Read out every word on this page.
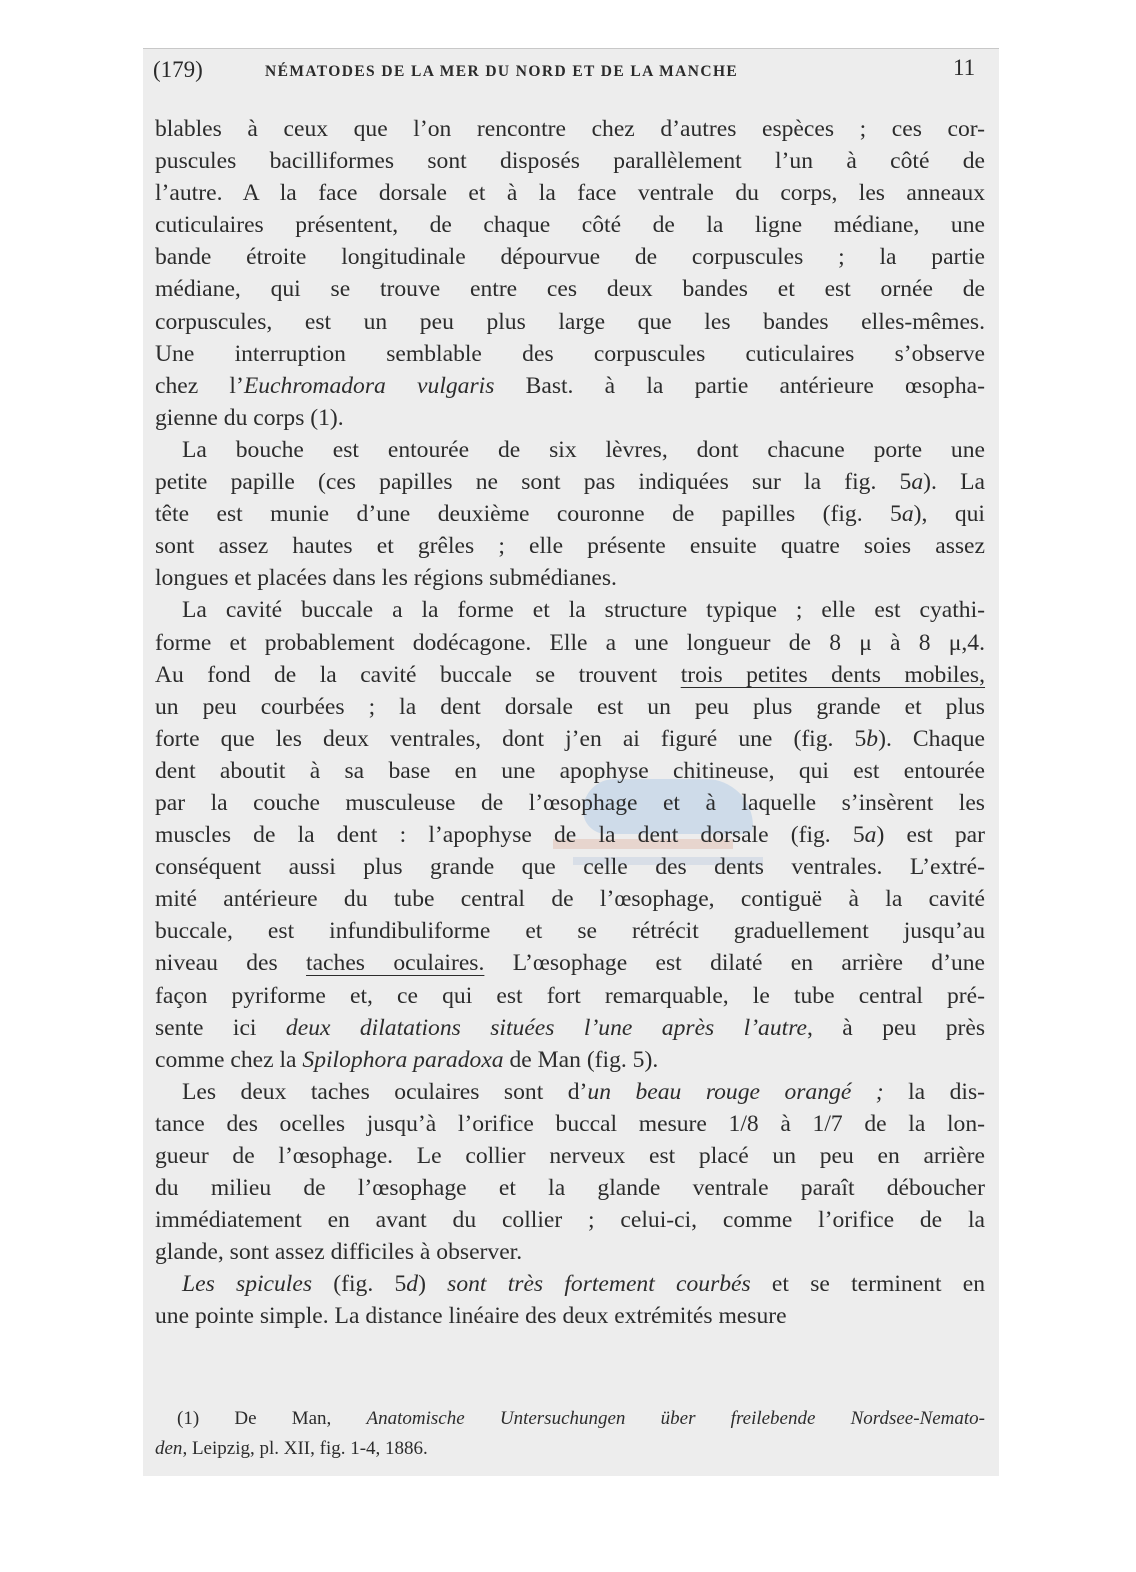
(179)	NÉMATODES DE LA MER DU NORD ET DE LA MANCHE	11
blables à ceux que l’on rencontre chez d’autres espèces ; ces cor-
puscules bacilliformes sont disposés parallèlement l’un à côté de
l’autre. A la face dorsale et à la face ventrale du corps, les anneaux
cuticulaires présentent, de chaque côté de la ligne médiane, une
bande étroite longitudinale dépourvue de corpuscules ; la partie
médiane, qui se trouve entre ces deux bandes et est ornée de
corpuscules, est un peu plus large que les bandes elles-mêmes.
Une interruption semblable des corpuscules cuticulaires s’observe
chez l’Euchromadora vulgaris Bast. à la partie antérieure œsopha-
gienne du corps (1).
La bouche est entourée de six lèvres, dont chacune porte une
petite papille (ces papilles ne sont pas indiquées sur la fig. 5a). La
tête est munie d’une deuxième couronne de papilles (fig. 5a), qui
sont assez hautes et grêles ; elle présente ensuite quatre soies assez
longues et placées dans les régions submédianes.
La cavité buccale a la forme et la structure typique ; elle est cyathi-
forme et probablement dodécagone. Elle a une longueur de 8 μ à 8 μ,4.
Au fond de la cavité buccale se trouvent trois petites dents mobiles,
un peu courbées ; la dent dorsale est un peu plus grande et plus
forte que les deux ventrales, dont j’en ai figuré une (fig. 5b). Chaque
dent aboutit à sa base en une apophyse chitineuse, qui est entourée
par la couche musculeuse de l’œsophage et à laquelle s’insèrent les
muscles de la dent : l’apophyse de la dent dorsale (fig. 5a) est par
conséquent aussi plus grande que celle des dents ventrales. L’extré-
mité antérieure du tube central de l’œsophage, contiguë à la cavité
buccale, est infundibuliforme et se rétrécit graduellement jusqu’au
niveau des taches oculaires. L’œsophage est dilaté en arrière d’une
façon pyriforme et, ce qui est fort remarquable, le tube central pré-
sente ici deux dilatations situées l’une après l’autre, à peu près
comme chez la Spilophora paradoxa de Man (fig. 5).
Les deux taches oculaires sont d’un beau rouge orangé ; la dis-
tance des ocelles jusqu’à l’orifice buccal mesure 1/8 à 1/7 de la lon-
gueur de l’œsophage. Le collier nerveux est placé un peu en arrière
du milieu de l’œsophage et la glande ventrale paraît déboucher
immédiatement en avant du collier ; celui-ci, comme l’orifice de la
glande, sont assez difficiles à observer.
Les spicules (fig. 5d) sont très fortement courbés et se terminent en
une pointe simple. La distance linéaire des deux extrémités mesure
(1) De Man, Anatomische Untersuchungen über freilebende Nordsee-Nemato-
den, Leipzig, pl. XII, fig. 1-4, 1886.
